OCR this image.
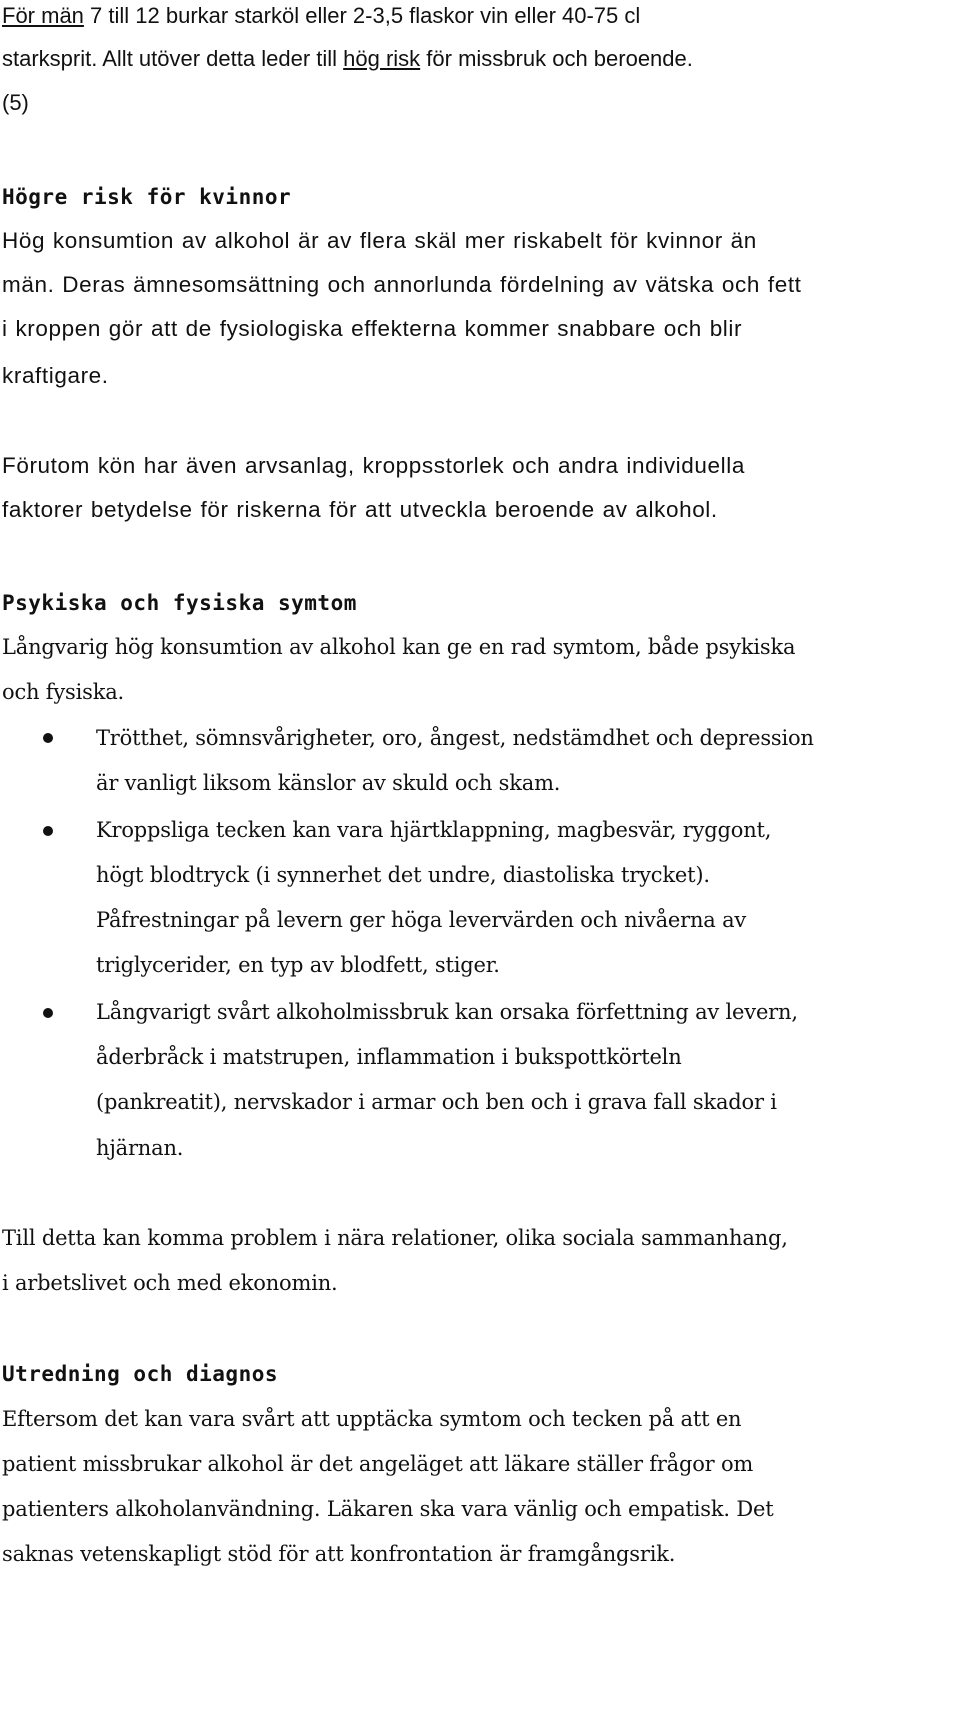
För män 7 till 12 burkar starköl eller 2-3,5 flaskor vin eller 40-75 cl
starksprit. Allt utöver detta leder till hög risk för missbruk och beroende.
(5)
Högre risk för kvinnor
Hög konsumtion av alkohol är av flera skäl mer riskabelt för kvinnor än
män. Deras ämnesomsättning och annorlunda fördelning av vätska och fett
i kroppen gör att de fysiologiska effekterna kommer snabbare och blir
kraftigare.
Förutom kön har även arvsanlag, kroppsstorlek och andra individuella
faktorer betydelse för riskerna för att utveckla beroende av alkohol.
Psykiska och fysiska symtom
Långvarig hög konsumtion av alkohol kan ge en rad symtom, både psykiska
och fysiska.
Trötthet, sömnsvårigheter, oro, ångest, nedstämdhet och depression
är vanligt liksom känslor av skuld och skam.
Kroppsliga tecken kan vara hjärtklappning, magbesvär, ryggont,
högt blodtryck (i synnerhet det undre, diastoliska trycket).
Påfrestningar på levern ger höga levervärden och nivåerna av
triglycerider, en typ av blodfett, stiger.
Långvarigt svårt alkoholmissbruk kan orsaka förfettning av levern,
åderbråck i matstrupen, inflammation i bukspottkörteln
(pankreatit), nervskador i armar och ben och i grava fall skador i
hjärnan.
Till detta kan komma problem i nära relationer, olika sociala sammanhang,
i arbetslivet och med ekonomin.
Utredning och diagnos
Eftersom det kan vara svårt att upptäcka symtom och tecken på att en
patient missbrukar alkohol är det angeläget att läkare ställer frågor om
patienters alkoholanvändning. Läkaren ska vara vänlig och empatisk. Det
saknas vetenskapligt stöd för att konfrontation är framgångsrik.
